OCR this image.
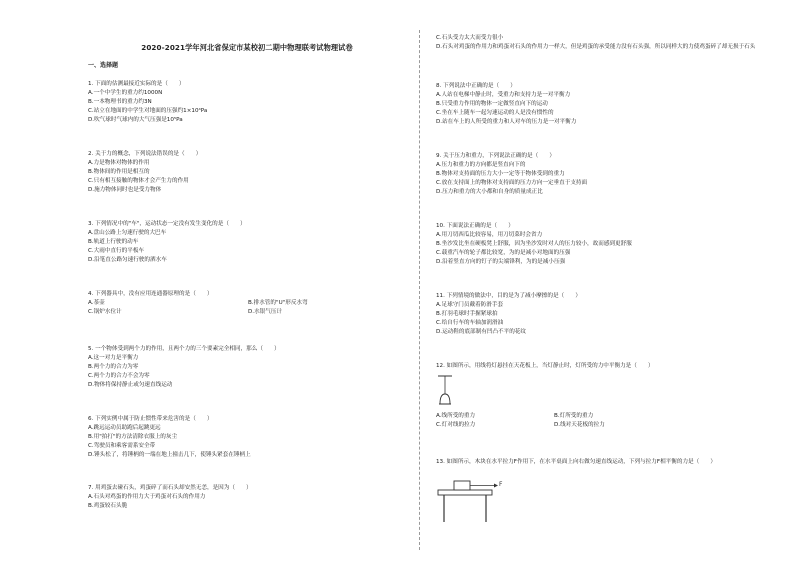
2020-2021学年河北省保定市某校初二期中物理联考试物理试卷
一、选择题
1. 下面的估测最接近实际的是（　　）
A.一个中学生的重力约1000N
B.一本物理书的重力约3N
C.站立在地面的中学生对地面的压强约1×10⁴Pa
D.吹气球时气球内的大气压强是10⁵Pa
2. 关于力的概念，下列说法错误的是（　　）
A.力是物体对物体的作用
B.物体间的作用是相互的
C.只有相互接触的物体才会产生力的作用
D.施力物体同时也是受力物体
3. 下列情况中的"车"，运动状态一定没有发生变化的是（　　）
A.盘山公路上匀速行驶的大巴车
B.轨道上行驶的动车
C.大雨中直行的平板车
D.沿笔直公路匀速行驶的洒水车
4. 下列器具中，没有应用连通器原理的是（　　）
A.茶壶	B.排水管的"U"形反水弯
C.锅炉水位计	D.水银气压计
5. 一个物体受到两个力的作用，且两个力的三个要素完全相同，那么（　　）
A.这一对力是平衡力
B.两个力的合力为零
C.两个力的合力不会为零
D.物体将保持静止或匀速直线运动
6. 下列实例中属于防止惯性带来危害的是（　　）
A.跳远运动员助跑后起跳更远
B.用"拍打"的方法清除衣服上的灰尘
C.驾驶员和乘客需系安全带
D.锤头松了，将锤柄的一端在地上撞击几下，使锤头紧套在锤柄上
7. 用鸡蛋去碰石头，鸡蛋碎了而石头却安然无恙，是因为（　　）
A.石头对鸡蛋的作用力大于鸡蛋对石头的作用力
B.鸡蛋较石头脆
C.石头受力太大而受力很小
D.石头对鸡蛋的作用力和鸡蛋对石头的作用力一样大，但是鸡蛋的承受能力没有石头强，所以同样大的力使鸡蛋碎了却无损于石头
8. 下列说法中正确的是（　　）
A.人站在电梯中静止时，受重力和支持力是一对平衡力
B.只受重力作用的物体一定做竖直向下的运动
C.坐在车上随车一起匀速运动的人是没有惯性的
D.站在车上的人所受的重力和人对车的压力是一对平衡力
9. 关于压力和重力，下列说法正确的是（　　）
A.压力和重力的方向都是竖直向下的
B.物体对支持面的压力大小一定等于物体受到的重力
C.放在支持面上的物体对支持面的压力方向一定垂直于支持面
D.压力和重力的大小都和自身的质量成正比
10. 下面说法正确的是（　　）
A.用刀切西瓜比较容易，用刀切菜时会省力
B.坐沙发比坐在硬板凳上舒服，因为坐沙发时对人的压力较小，故而感到更舒服
C.载重汽车的轮子都比较宽，为的是减小对地面的压强
D.沿着竖直方向的钉子的尖端锋利，为的是减小压强
11. 下列情境的做法中，目的是为了减小摩擦的是（　　）
A.足球守门员戴着防滑手套
B.打羽毛球时手握紧球拍
C.给自行车的车轴加润滑油
D.运动鞋的底部制有凹凸不平的花纹
12. 如图所示，用线将灯悬挂在天花板上，当灯静止时，灯所受的力中平衡力是（　　）
A.线所受的重力	B.灯所受的重力
C.灯对线的拉力	D.线对天花板的拉力
13. 如图所示，木块在水平拉力F作用下，在水平桌面上向右做匀速直线运动，下列与拉力F相平衡的力是（　　）
F
